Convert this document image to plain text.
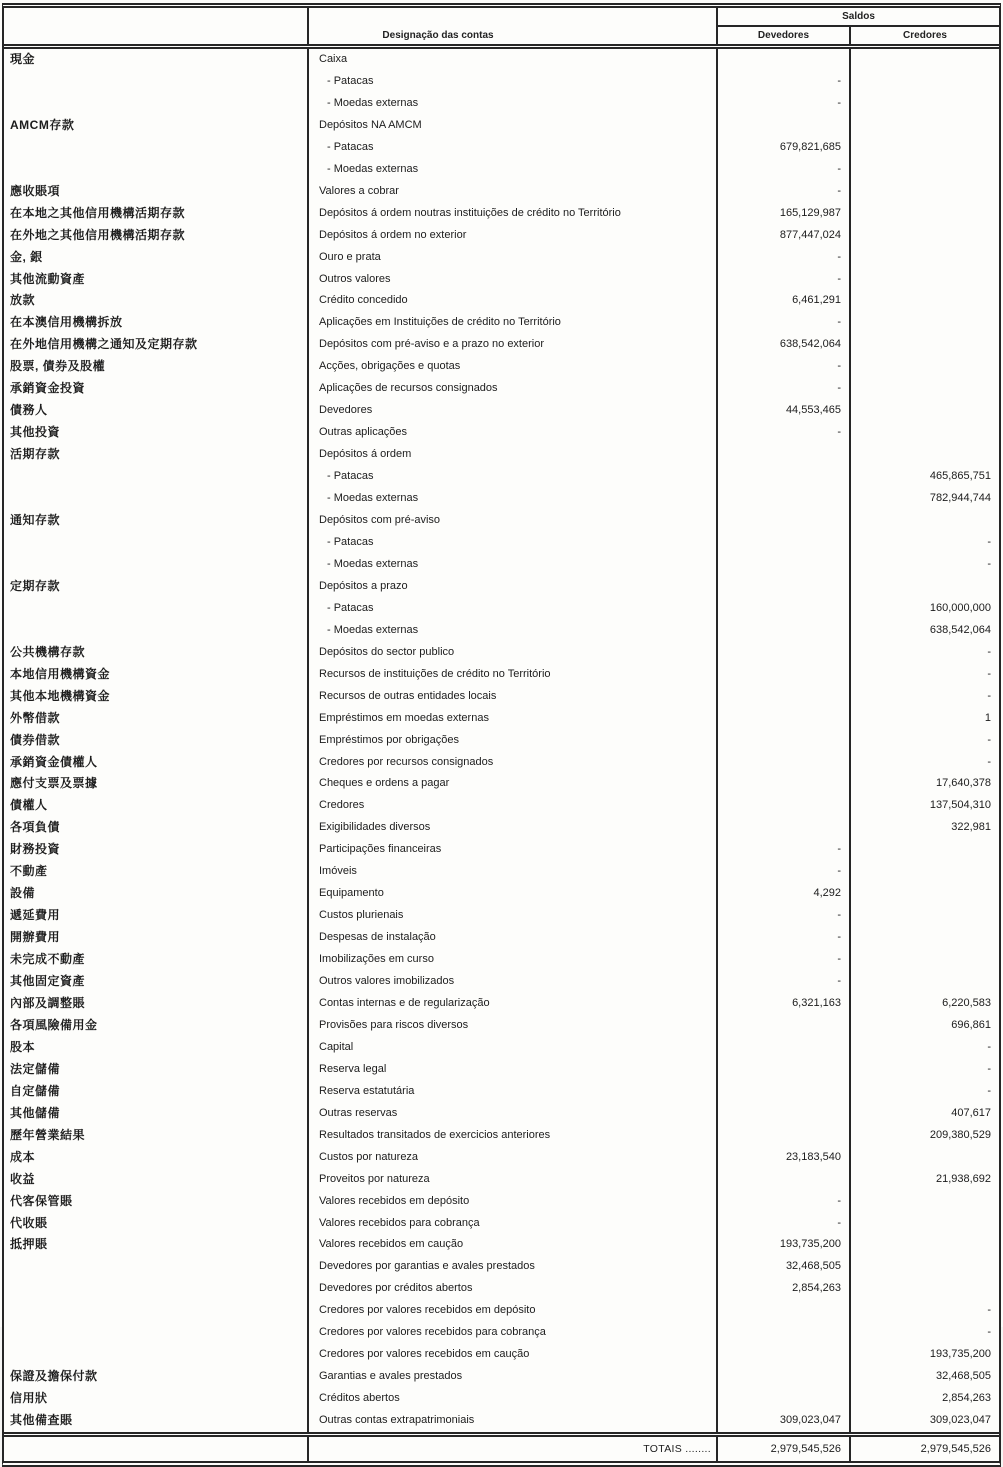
		Saldos	
	Designação das contas	Devedores	Credores
現金	Caixa		
	- Patacas	-	
	- Moedas externas	-	
AMCM存款	Depósitos NA AMCM		
	- Patacas	679,821,685	
	- Moedas externas	-	
應收賬項	Valores a cobrar	-	
在本地之其他信用機構活期存款	Depósitos á ordem noutras instituições de crédito no Território	165,129,987	
在外地之其他信用機構活期存款	Depósitos á ordem no exterior	877,447,024	
金, 銀	Ouro e prata	-	
其他流動資產	Outros valores	-	
放款	Crédito concedido	6,461,291	
在本澳信用機構拆放	Aplicações em Instituições de crédito no Território	-	
在外地信用機構之通知及定期存款	Depósitos com pré-aviso e a prazo no exterior	638,542,064	
股票, 債券及股權	Acções, obrigações e quotas	-	
承銷資金投資	Aplicações de recursos consignados	-	
債務人	Devedores	44,553,465	
其他投資	Outras aplicações	-	
活期存款	Depósitos á ordem		
	- Patacas		465,865,751
	- Moedas externas		782,944,744
通知存款	Depósitos com pré-aviso		
	- Patacas		-
	- Moedas externas		-
定期存款	Depósitos a prazo		
	- Patacas		160,000,000
	- Moedas externas		638,542,064
公共機構存款	Depósitos do sector publico		-
本地信用機構資金	Recursos de instituições de crédito no Território		-
其他本地機構資金	Recursos de outras entidades locais		-
外幣借款	Empréstimos em moedas externas		1
債券借款	Empréstimos por obrigações		-
承銷資金債權人	Credores por recursos consignados		-
應付支票及票據	Cheques e ordens a pagar		17,640,378
債權人	Credores		137,504,310
各項負債	Exigibilidades diversos		322,981
財務投資	Participações financeiras	-	
不動產	Imóveis	-	
設備	Equipamento	4,292	
遞延費用	Custos plurienais	-	
開辦費用	Despesas de instalação	-	
未完成不動產	Imobilizações em curso	-	
其他固定資產	Outros valores imobilizados	-	
內部及調整賬	Contas internas e de regularização	6,321,163	6,220,583
各項風險備用金	Provisões para riscos diversos		696,861
股本	Capital		-
法定儲備	Reserva legal		-
自定儲備	Reserva estatutária		-
其他儲備	Outras reservas		407,617
歷年營業結果	Resultados transitados de exercicios anteriores		209,380,529
成本	Custos por natureza	23,183,540	
收益	Proveitos por natureza		21,938,692
代客保管賬	Valores recebidos em depósito	-	
代收賬	Valores recebidos para cobrança	-	
抵押賬	Valores recebidos em caução	193,735,200	
	Devedores por garantias e avales prestados	32,468,505	
	Devedores por créditos abertos	2,854,263	
	Credores por valores recebidos em depósito		-
	Credores por valores recebidos para cobrança		-
	Credores por valores recebidos em caução		193,735,200
保證及擔保付款	Garantias e avales prestados		32,468,505
信用狀	Créditos abertos		2,854,263
其他備查賬	Outras contas extrapatrimoniais	309,023,047	309,023,047
	TOTAIS ........	2,979,545,526	2,979,545,526
